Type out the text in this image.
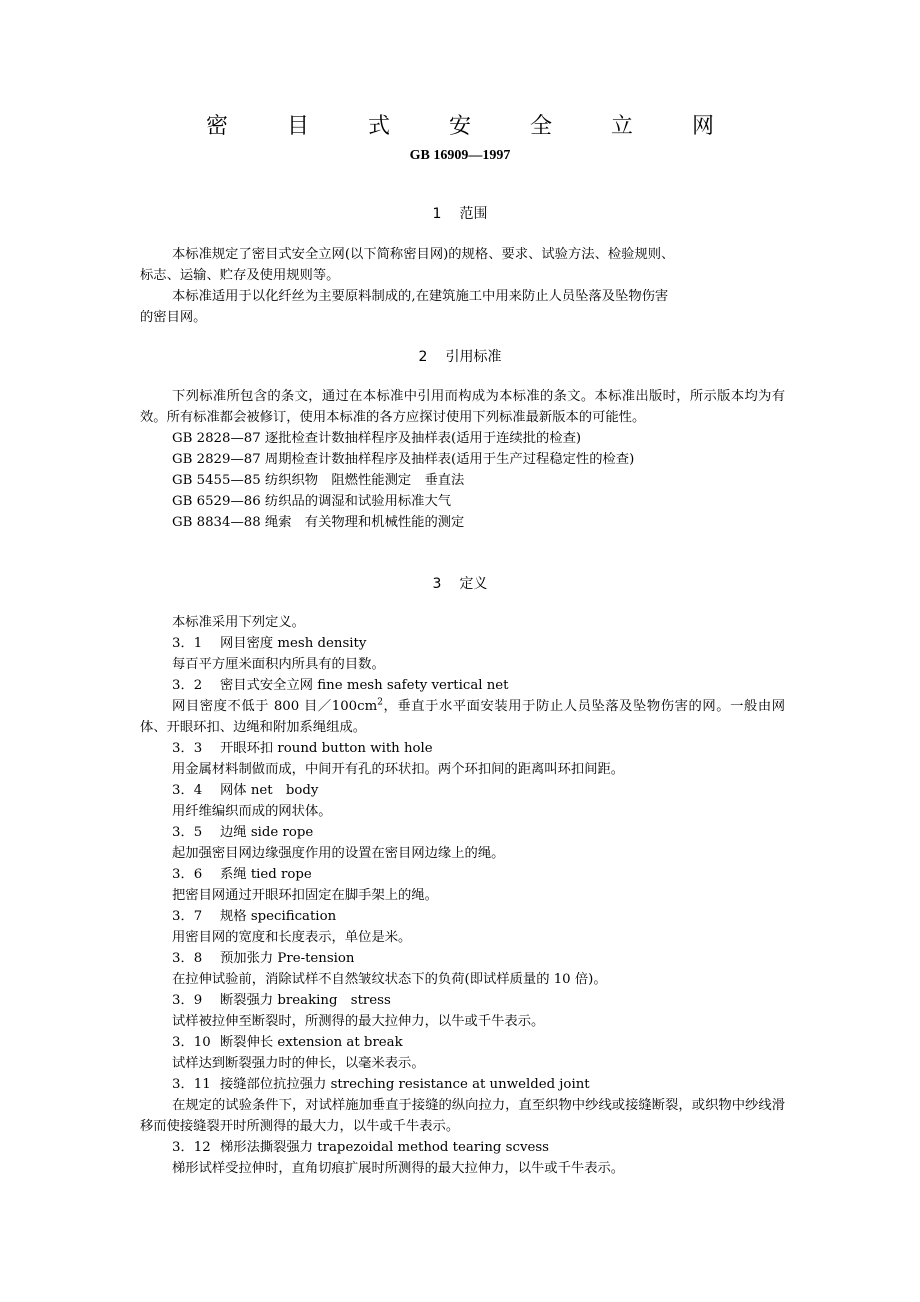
密 目 式 安 全 立 网
GB 16909—1997
1 范围

本标准规定了密目式安全立网(以下简称密目网)的规格、要求、试验方法、检验规则、

标志、运输、贮存及使用规则等。

本标准适用于以化纤丝为主要原料制成的,在建筑施工中用来防止人员坠落及坠物伤害

的密目网。

2 引用标准

下列标准所包含的条文，通过在本标准中引用而构成为本标准的条文。本标准出版时，所示版本均为有效。所有标准都会被修订，使用本标准的各方应探讨使用下列标准最新版本的可能性。

GB 2828—87 逐批检查计数抽样程序及抽样表(适用于连续批的检查)

GB 2829—87 周期检查计数抽样程序及抽样表(适用于生产过程稳定性的检查)

GB 5455—85 纺织织物　阻燃性能测定　垂直法

GB 6529—86 纺织品的调湿和试验用标准大气

GB 8834—88 绳索　有关物理和机械性能的测定

3 定义

本标准采用下列定义。

3．1 网目密度 mesh density

每百平方厘米面积内所具有的目数。

3．2 密目式安全立网 fine mesh safety vertical net

网目密度不低于 800 目$/100cm^2$，垂直于水平面安装用于防止人员坠落及坠物伤害的网。一般由网体、开眼环扣、边绳和附加系绳组成。

3．3 开眼环扣 round button with hole

用金属材料制做而成，中间开有孔的环状扣。两个环扣间的距离叫环扣间距。

3．4 网体 net　body

用纤维编织而成的网状体。

3．5 边绳 side rope

起加强密目网边缘强度作用的设置在密目网边缘上的绳。

3．6 系绳 tied rope

把密目网通过开眼环扣固定在脚手架上的绳。

3．7 规格 specification

用密目网的宽度和长度表示，单位是米。

3．8 预加张力 Pre-tension

在拉伸试验前，消除试样不自然皱纹状态下的负荷(即试样质量的 10 倍)。

3．9 断裂强力 breaking　stress

试样被拉伸至断裂时，所测得的最大拉伸力，以牛或千牛表示。

3．10 断裂伸长 extension at break

试样达到断裂强力时的伸长，以毫米表示。

3．11 接缝部位抗拉强力 streching resistance at unwelded joint

在规定的试验条件下，对试样施加垂直于接缝的纵向拉力，直至织物中纱线或接缝断裂，或织物中纱线滑移而使接缝裂开时所测得的最大力，以牛或千牛表示。

3．12 梯形法撕裂强力 trapezoidal method tearing scvess

梯形试样受拉伸时，直角切痕扩展时所测得的最大拉伸力，以牛或千牛表示。
